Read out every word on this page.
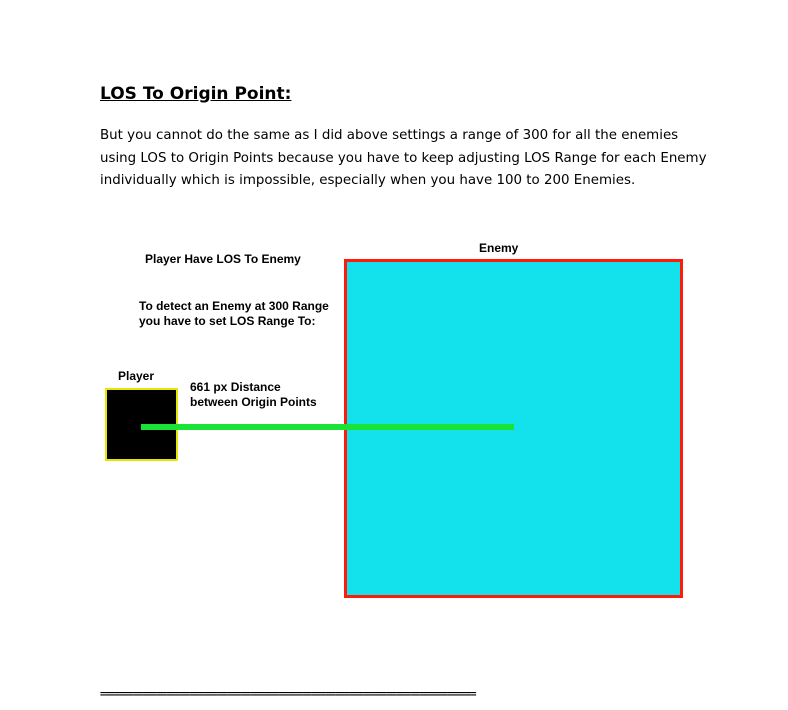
LOS To Origin Point:

But you cannot do the same as I did above settings a range of 300 for all the enemies
using LOS to Origin Points because you have to keep adjusting LOS Range for each Enemy
individually which is impossible, especially when you have 100 to 200 Enemies.

Enemy
Player Have LOS To Enemy
To detect an Enemy at 300 Range
you have to set LOS Range To:
Player
661 px Distance
between Origin Points
================================================================================
